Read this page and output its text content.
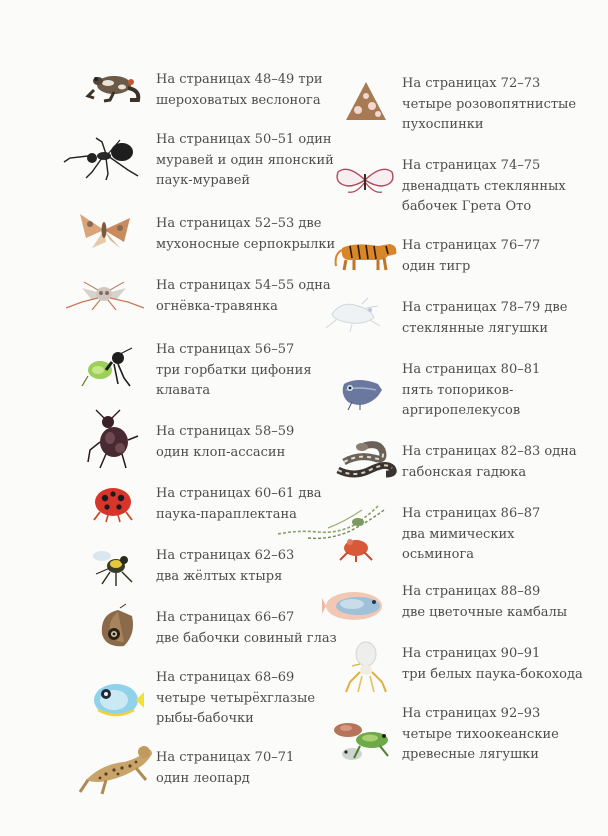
На страницах 48–49 три
шероховатых веслонога
На страницах 50–51 один
муравей и один японский
паук-муравей
На страницах 52–53 две
мухоносные серпокрылки
На страницах 54–55 одна
огнёвка-травянка
На страницах 56–57
три горбатки цифония
клавата
На страницах 58–59
один клоп-ассасин
На страницах 60–61 два
паука-параплектана
На страницах 62–63
два жёлтых ктыря
На страницах 66–67
две бабочки совиный глаз
На страницах 68–69
четыре четырёхглазые
рыбы-бабочки
На страницах 70–71
один леопард
На страницах 72–73
четыре розовопятнистые
пухоспинки
На страницах 74–75
двенадцать стеклянных
бабочек Грета Ото
На страницах 76–77
один тигр
На страницах 78–79 две
стеклянные лягушки
На страницах 80–81
пять топориков-
аргиропелекусов
На страницах 82–83 одна
габонская гадюка
На страницах 86–87
два мимических
осьминога
На страницах 88–89
две цветочные камбалы
На страницах 90–91
три белых паука-бокохода
На страницах 92–93
четыре тихоокеанские
древесные лягушки
